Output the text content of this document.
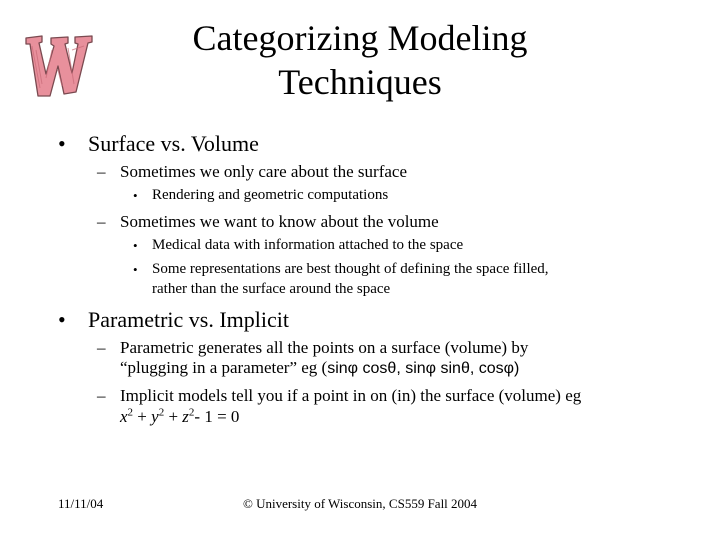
Categorizing Modeling
Techniques
• Surface vs. Volume
– Sometimes we only care about the surface
• Rendering and geometric computations
– Sometimes we want to know about the volume
• Medical data with information attached to the space
• Some representations are best thought of defining the space filled,
rather than the surface around the space
• Parametric vs. Implicit
– Parametric generates all the points on a surface (volume) by
“plugging in a parameter” eg (sinφ cosθ, sinφ sinθ, cosφ)
– Implicit models tell you if a point in on (in) the surface (volume) eg
$x^2 + y^2 + z^2-$ 1 = 0
11/11/04	© University of Wisconsin, CS559 Fall 2004
